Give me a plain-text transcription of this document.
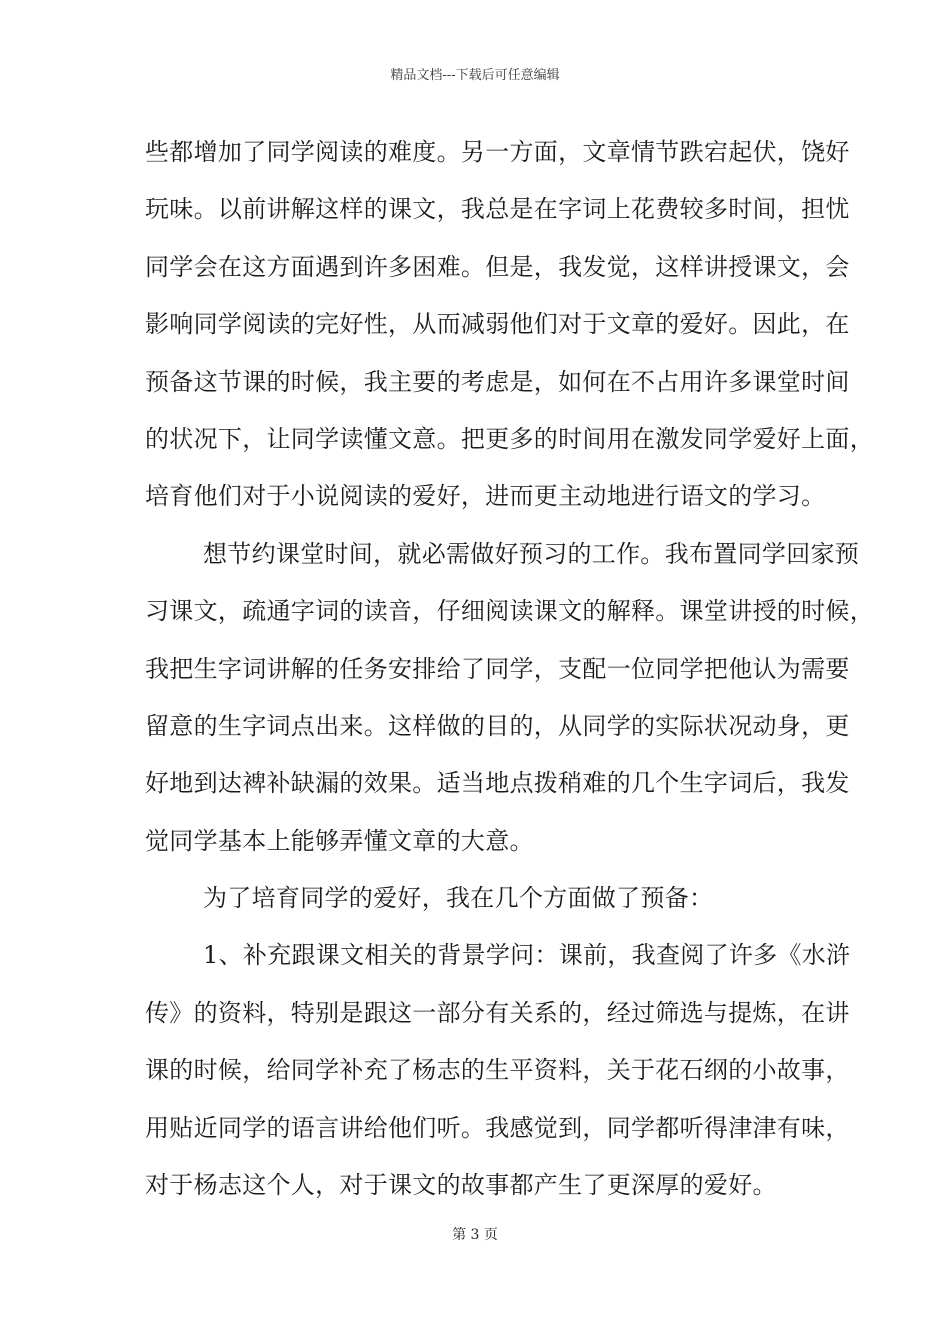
精品文档---下载后可任意编辑
些都增加了同学阅读的难度。另一方面，文章情节跌宕起伏，饶好
玩味。以前讲解这样的课文，我总是在字词上花费较多时间，担忧
同学会在这方面遇到许多困难。但是，我发觉，这样讲授课文，会
影响同学阅读的完好性，从而减弱他们对于文章的爱好。因此，在
预备这节课的时候，我主要的考虑是，如何在不占用许多课堂时间
的状况下，让同学读懂文意。把更多的时间用在激发同学爱好上面，
培育他们对于小说阅读的爱好，进而更主动地进行语文的学习。
想节约课堂时间，就必需做好预习的工作。我布置同学回家预
习课文，疏通字词的读音，仔细阅读课文的解释。课堂讲授的时候，
我把生字词讲解的任务安排给了同学，支配一位同学把他认为需要
留意的生字词点出来。这样做的目的，从同学的实际状况动身，更
好地到达裨补缺漏的效果。适当地点拨稍难的几个生字词后，我发
觉同学基本上能够弄懂文章的大意。
为了培育同学的爱好，我在几个方面做了预备：
1、补充跟课文相关的背景学问：课前，我查阅了许多《水浒
传》的资料，特别是跟这一部分有关系的，经过筛选与提炼，在讲
课的时候，给同学补充了杨志的生平资料，关于花石纲的小故事，
用贴近同学的语言讲给他们听。我感觉到，同学都听得津津有味，
对于杨志这个人，对于课文的故事都产生了更深厚的爱好。
第 3 页
